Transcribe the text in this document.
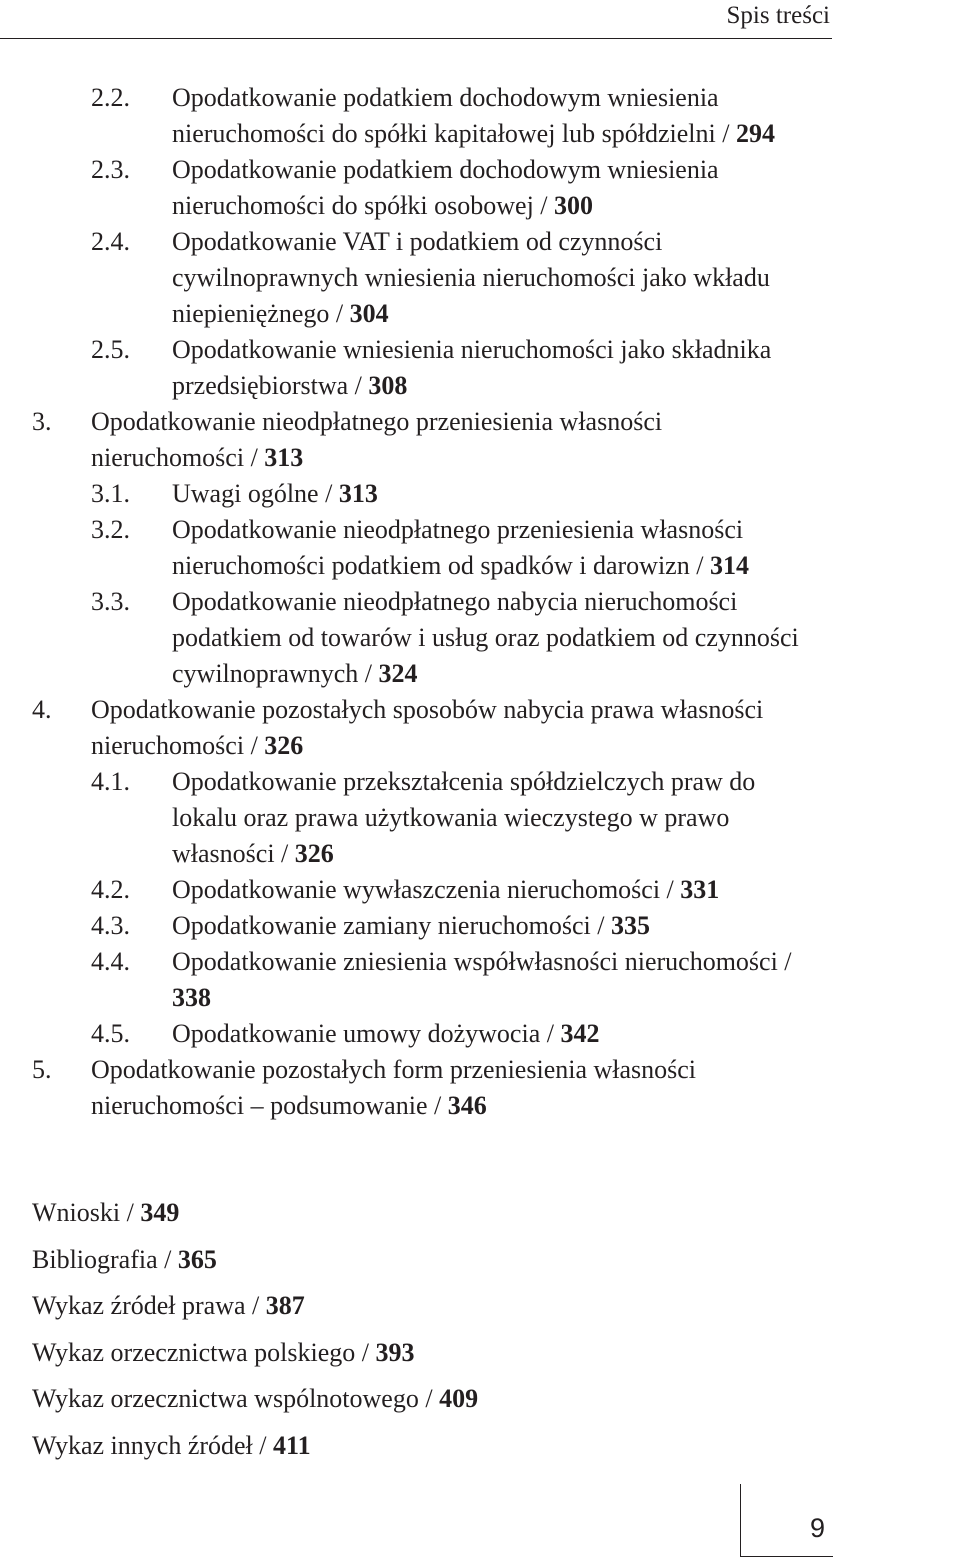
Spis treści
2.2. Opodatkowanie podatkiem dochodowym wniesienia nieruchomości do spółki kapitałowej lub spółdzielni / 294
2.3. Opodatkowanie podatkiem dochodowym wniesienia nieruchomości do spółki osobowej / 300
2.4. Opodatkowanie VAT i podatkiem od czynności cywilnoprawnych wniesienia nieruchomości jako wkładu niepieniężnego / 304
2.5. Opodatkowanie wniesienia nieruchomości jako składnika przedsiębiorstwa / 308
3. Opodatkowanie nieodpłatnego przeniesienia własności nieruchomości / 313
3.1. Uwagi ogólne / 313
3.2. Opodatkowanie nieodpłatnego przeniesienia własności nieruchomości podatkiem od spadków i darowizn / 314
3.3. Opodatkowanie nieodpłatnego nabycia nieruchomości podatkiem od towarów i usług oraz podatkiem od czynności cywilnoprawnych / 324
4. Opodatkowanie pozostałych sposobów nabycia prawa własności nieruchomości / 326
4.1. Opodatkowanie przekształcenia spółdzielczych praw do lokalu oraz prawa użytkowania wieczystego w prawo własności / 326
4.2. Opodatkowanie wywłaszczenia nieruchomości / 331
4.3. Opodatkowanie zamiany nieruchomości / 335
4.4. Opodatkowanie zniesienia współwłasności nieruchomości / 338
4.5. Opodatkowanie umowy dożywocia / 342
5. Opodatkowanie pozostałych form przeniesienia własności nieruchomości – podsumowanie / 346
Wnioski / 349
Bibliografia / 365
Wykaz źródeł prawa / 387
Wykaz orzecznictwa polskiego / 393
Wykaz orzecznictwa wspólnotowego / 409
Wykaz innych źródeł / 411
9
